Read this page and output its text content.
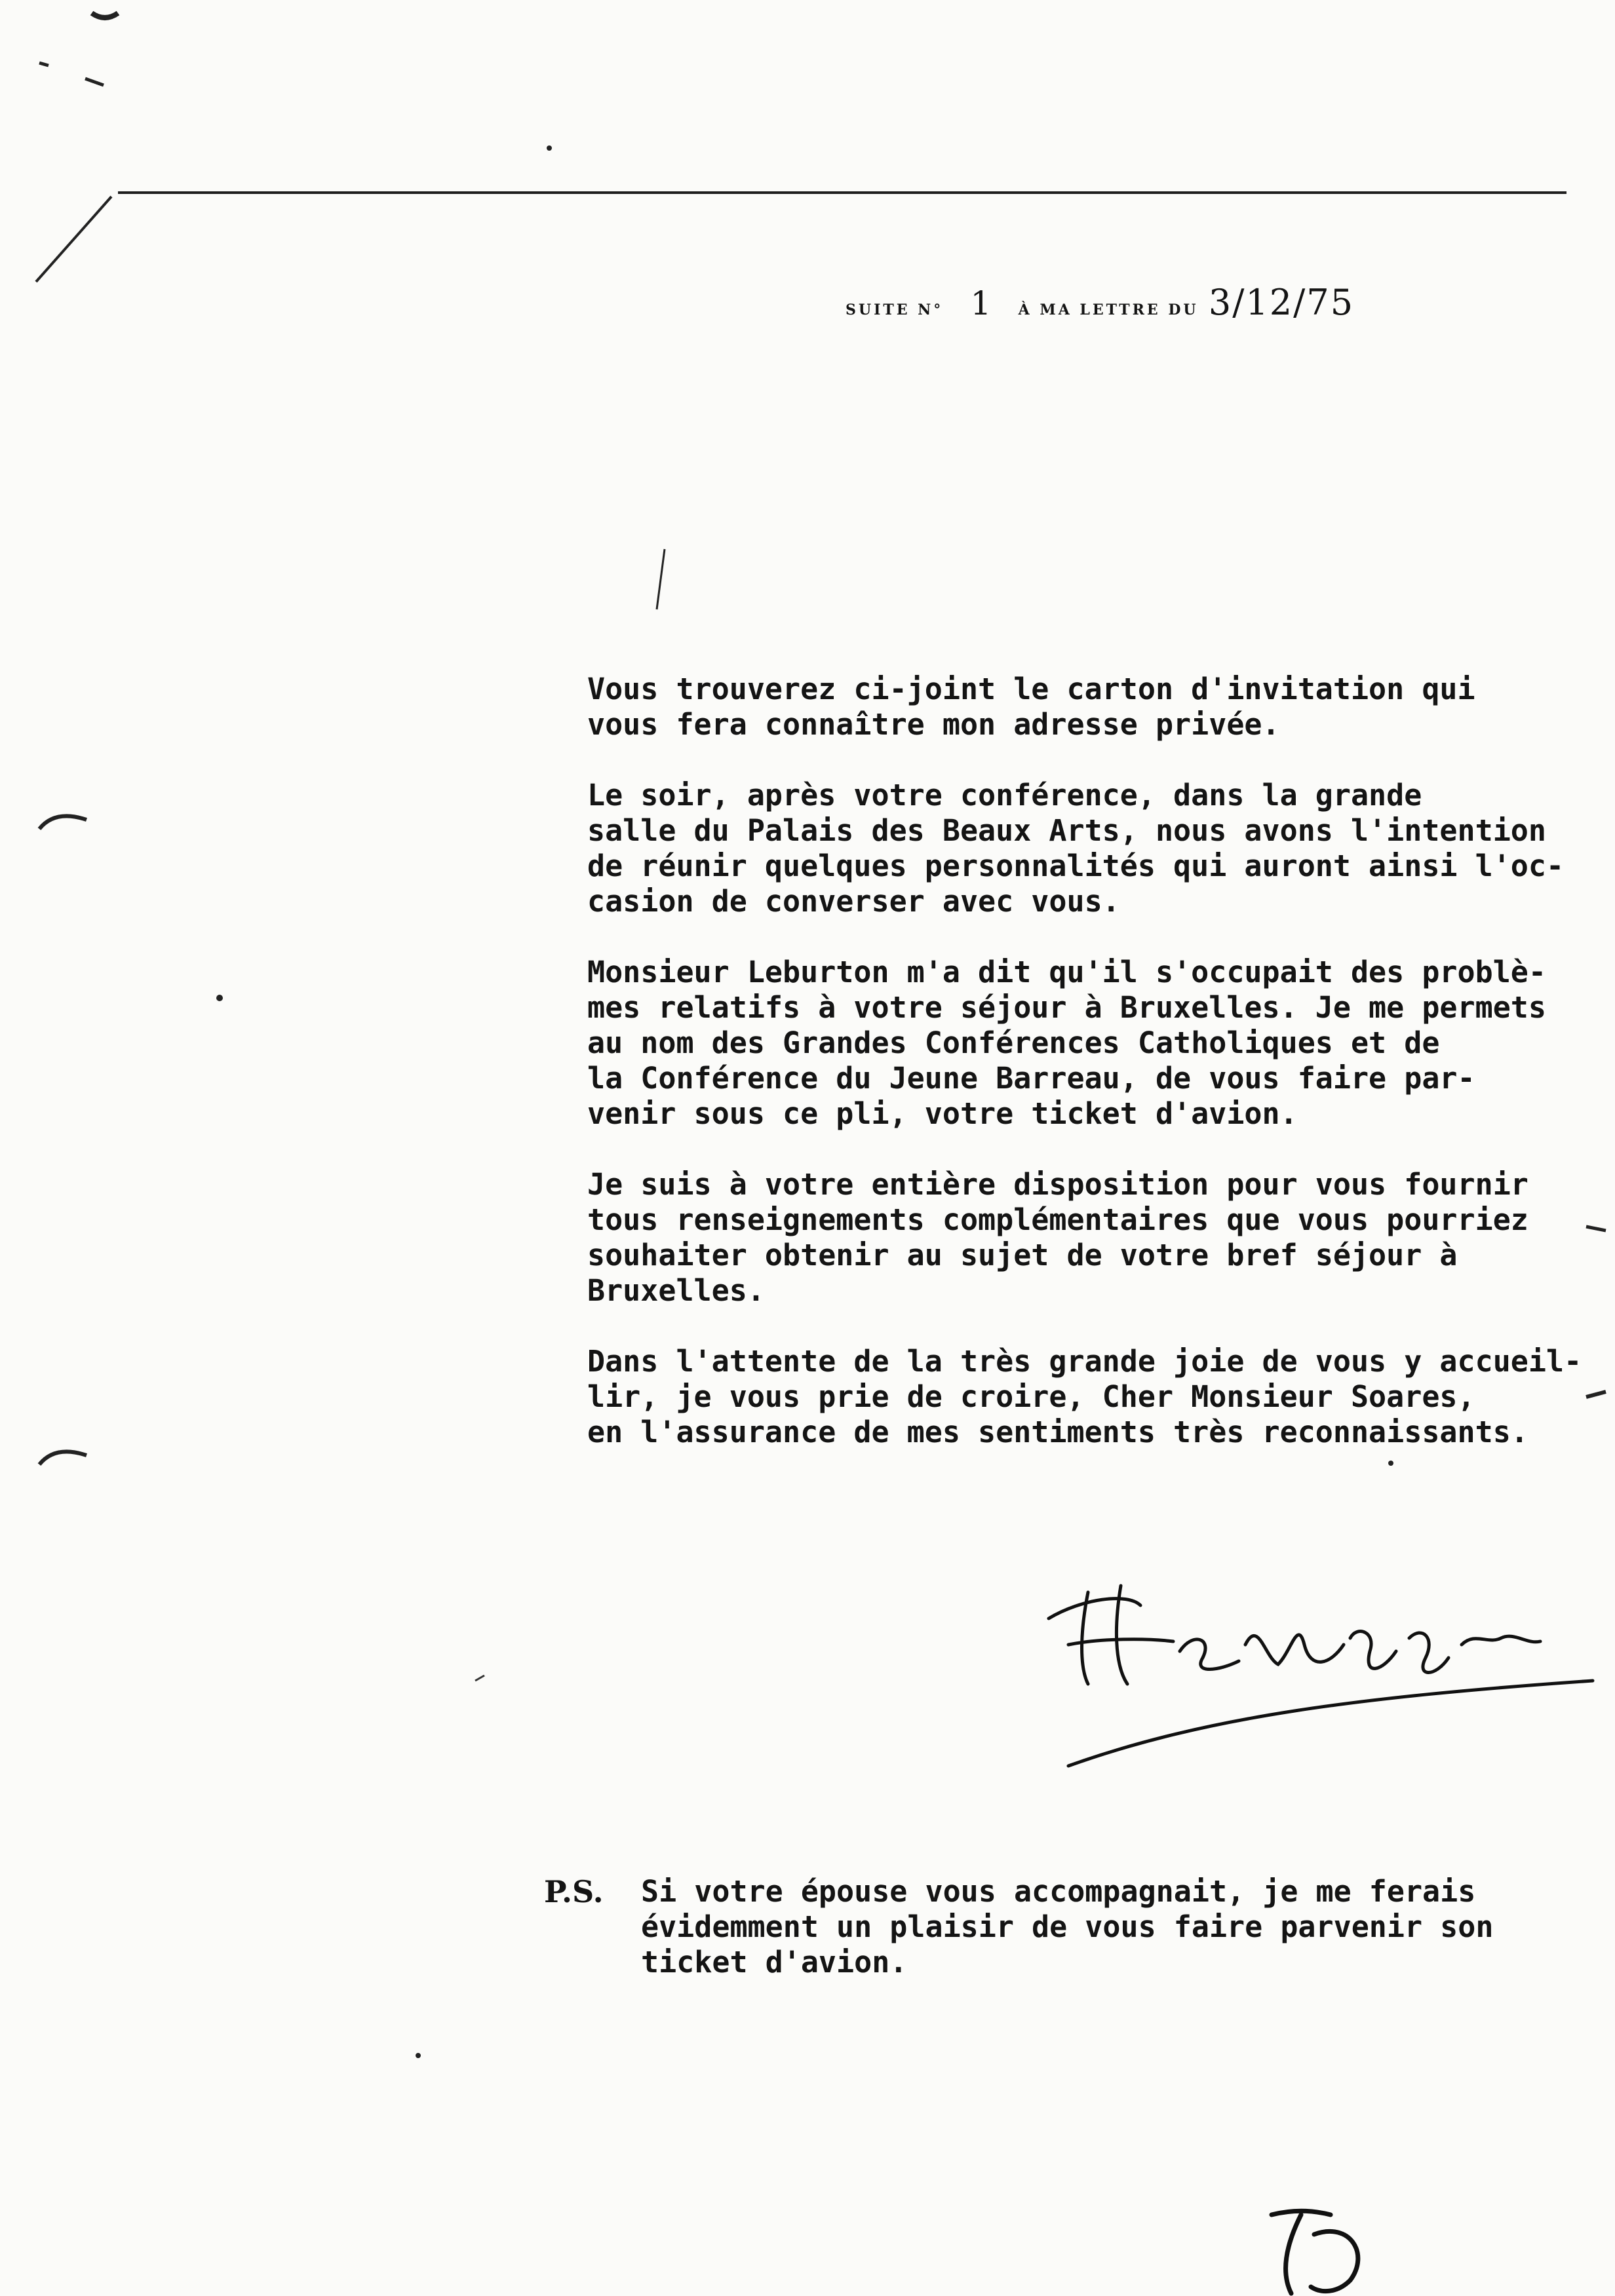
SUITE N° 1 À MA LETTRE DU 3/12/75

Vous trouverez ci-joint le carton d'invitation qui
vous fera connaître mon adresse privée.

Le soir, après votre conférence, dans la grande
salle du Palais des Beaux Arts, nous avons l'intention
de réunir quelques personnalités qui auront ainsi l'oc-
casion de converser avec vous.

Monsieur Leburton m'a dit qu'il s'occupait des problè-
mes relatifs à votre séjour à Bruxelles. Je me permets
au nom des Grandes Conférences Catholiques et de
la Conférence du Jeune Barreau, de vous faire par-
venir sous ce pli, votre ticket d'avion.

Je suis à votre entière disposition pour vous fournir
tous renseignements complémentaires que vous pourriez
souhaiter obtenir au sujet de votre bref séjour à
Bruxelles.

Dans l'attente de la très grande joie de vous y accueil-
lir, je vous prie de croire, Cher Monsieur Soares,
en l'assurance de mes sentiments très reconnaissants.

P.S. Si votre épouse vous accompagnait, je me ferais
évidemment un plaisir de vous faire parvenir son
ticket d'avion.
